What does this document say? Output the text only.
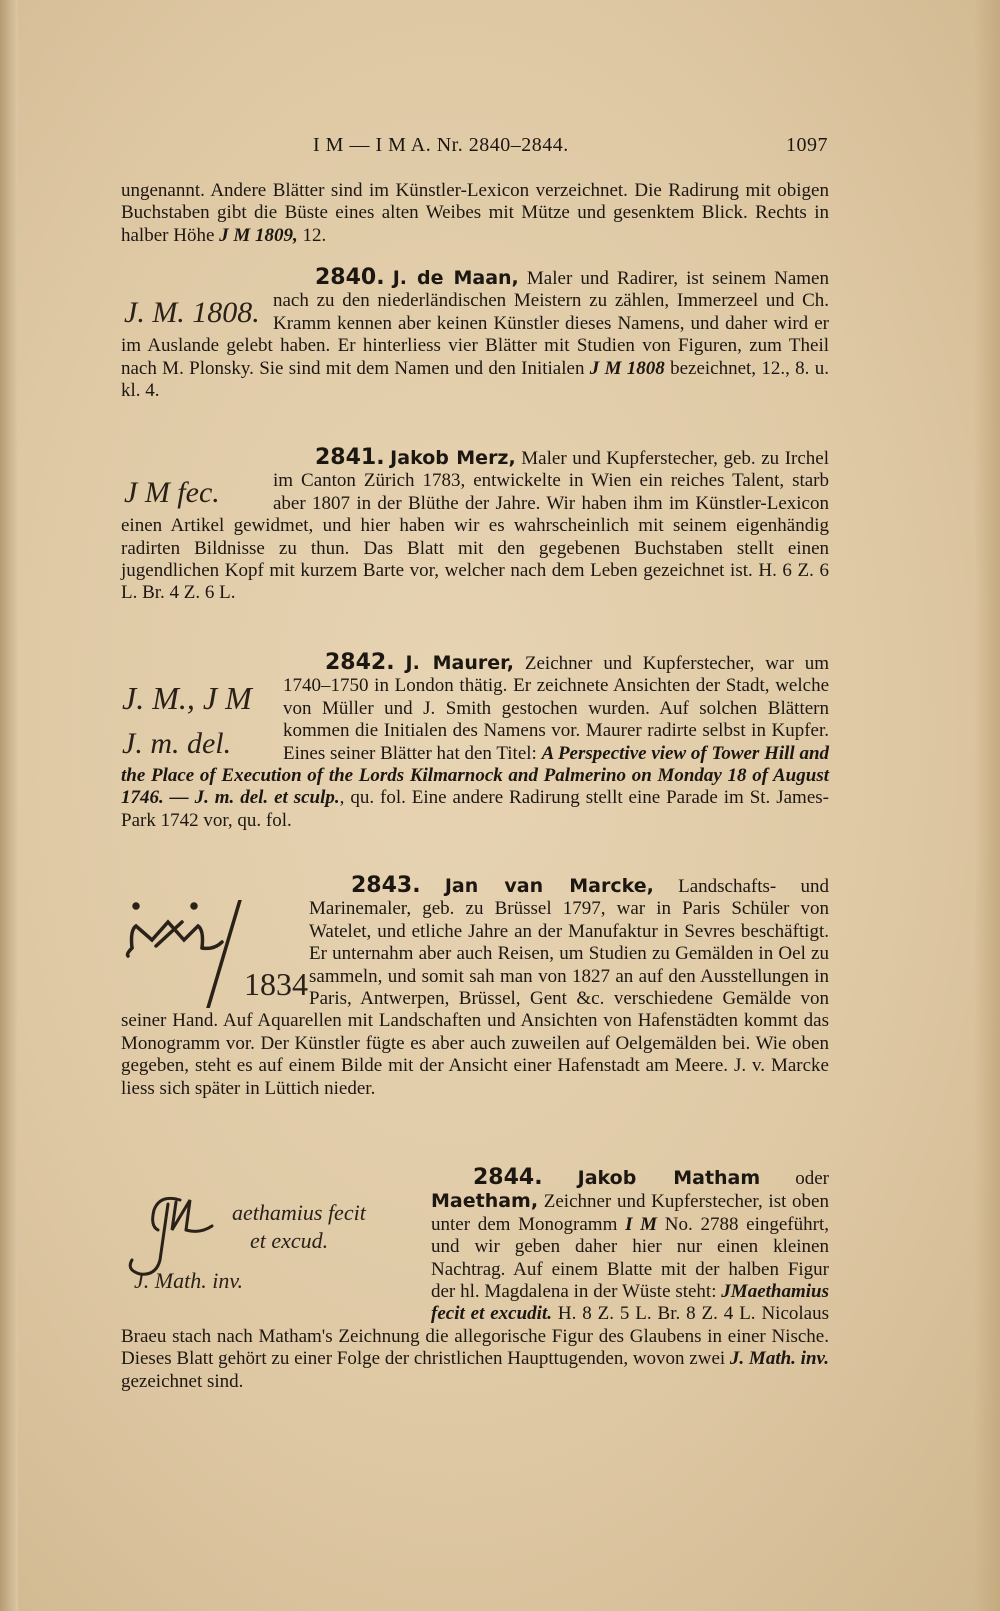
I M — I M A. Nr. 2840–2844.	1097

ungenannt. Andere Blätter sind im Künstler-Lexicon verzeichnet. Die Radirung mit obigen Buchstaben gibt die Büste eines alten Weibes mit Mütze und gesenktem Blick. Rechts in halber Höhe J M 1809, 12.

2840. J. de Maan, Maler und Radirer, ist seinem Namen nach zu den niederländischen Meistern zu zählen, Immerzeel und Ch. Kramm kennen aber keinen Künstler dieses Namens, und daher wird er im Auslande gelebt haben. Er hinterliess vier Blätter mit Studien von Figuren, zum Theil nach M. Plonsky. Sie sind mit dem Namen und den Initialen J M 1808 bezeichnet, 12., 8. u. kl. 4.

J. M. 1808.

2841. Jakob Merz, Maler und Kupferstecher, geb. zu Irchel im Canton Zürich 1783, entwickelte in Wien ein reiches Talent, starb aber 1807 in der Blüthe der Jahre. Wir haben ihm im Künstler-Lexicon einen Artikel gewidmet, und hier haben wir es wahrscheinlich mit seinem eigenhändig radirten Bildnisse zu thun. Das Blatt mit den gegebenen Buchstaben stellt einen jugendlichen Kopf mit kurzem Barte vor, welcher nach dem Leben gezeichnet ist. H. 6 Z. 6 L. Br. 4 Z. 6 L.

J M fec.

2842. J. Maurer, Zeichner und Kupferstecher, war um 1740–1750 in London thätig. Er zeichnete Ansichten der Stadt, welche von Müller und J. Smith gestochen wurden. Auf solchen Blättern kommen die Initialen des Namens vor. Maurer radirte selbst in Kupfer. Eines seiner Blätter hat den Titel: A Perspective view of Tower Hill and the Place of Execution of the Lords Kilmarnock and Palmerino on Monday 18 of August 1746. — J. m. del. et sculp., qu. fol. Eine andere Radirung stellt eine Parade im St. James-Park 1742 vor, qu. fol.

J. M., J M
J. m. del.

2843. Jan van Marcke, Landschafts- und Marinemaler, geb. zu Brüssel 1797, war in Paris Schüler von Watelet, und etliche Jahre an der Manufaktur in Sevres beschäftigt. Er unternahm aber auch Reisen, um Studien zu Gemälden in Oel zu sammeln, und somit sah man von 1827 an auf den Ausstellungen in Paris, Antwerpen, Brüssel, Gent &c. verschiedene Gemälde von seiner Hand. Auf Aquarellen mit Landschaften und Ansichten von Hafenstädten kommt das Monogramm vor. Der Künstler fügte es aber auch zuweilen auf Oelgemälden bei. Wie oben gegeben, steht es auf einem Bilde mit der Ansicht einer Hafenstadt am Meere. J. v. Marcke liess sich später in Lüttich nieder.

1834

2844. Jakob Matham oder Maetham, Zeichner und Kupferstecher, ist oben unter dem Monogramm I M No. 2788 eingeführt, und wir geben daher hier nur einen kleinen Nachtrag. Auf einem Blatte mit der halben Figur der hl. Magdalena in der Wüste steht: JMaethamius fecit et excudit. H. 8 Z. 5 L. Br. 8 Z. 4 L. Nicolaus Braeu stach nach Matham's Zeichnung die allegorische Figur des Glaubens in einer Nische. Dieses Blatt gehört zu einer Folge der christlichen Haupttugenden, wovon zwei J. Math. inv. gezeichnet sind.

aethamius fecit
et excud.
J. Math. inv.
